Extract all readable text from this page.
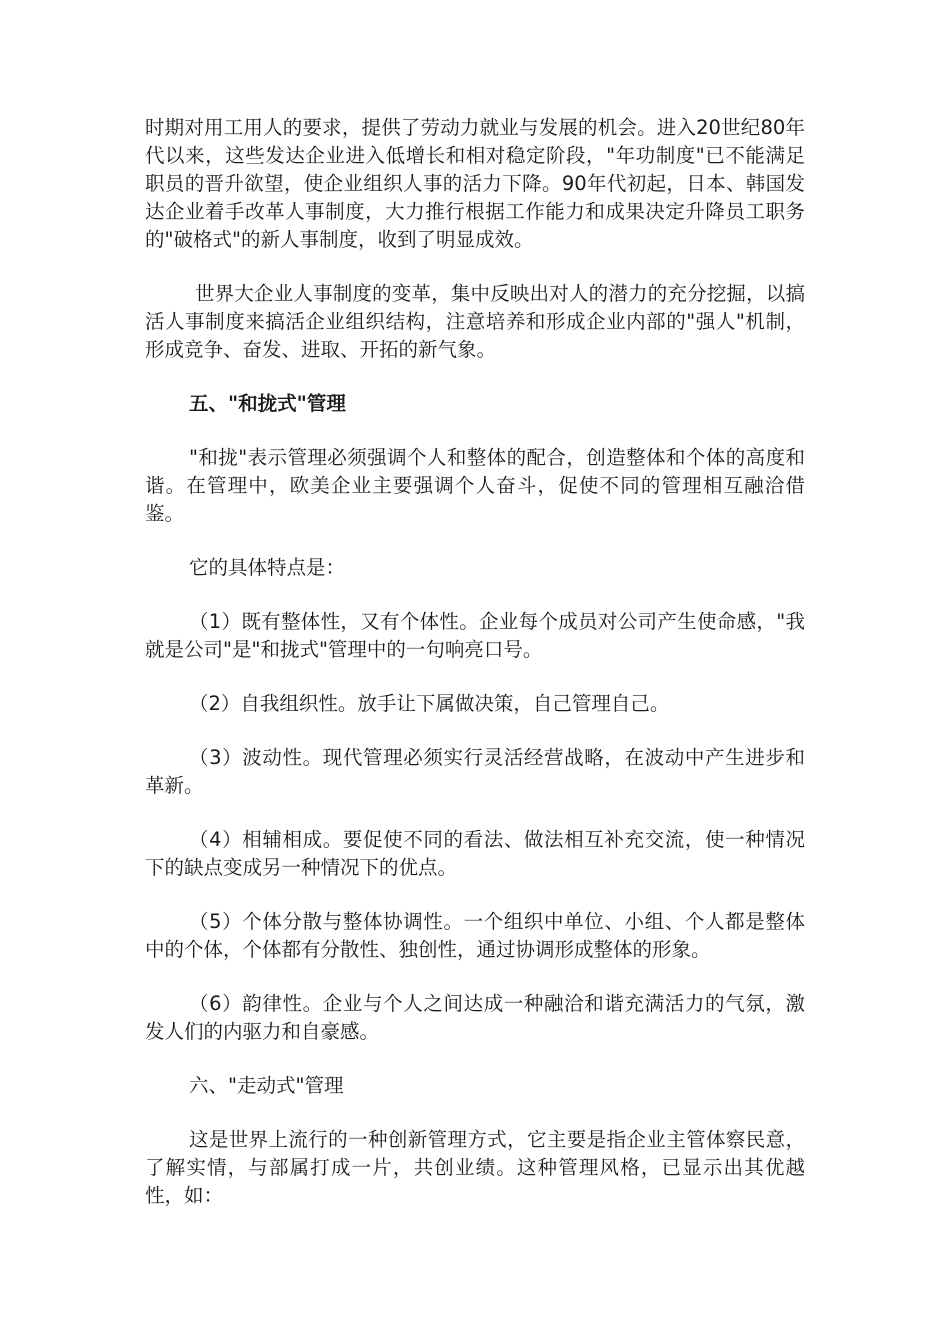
时期对用工用人的要求，提供了劳动力就业与发展的机会。进入20世纪80年代以来，这些发达企业进入低增长和相对稳定阶段，"年功制度"已不能满足职员的晋升欲望，使企业组织人事的活力下降。90年代初起，日本、韩国发达企业着手改革人事制度，大力推行根据工作能力和成果决定升降员工职务的"破格式"的新人事制度，收到了明显成效。

世界大企业人事制度的变革，集中反映出对人的潜力的充分挖掘，以搞活人事制度来搞活企业组织结构，注意培养和形成企业内部的"强人"机制，形成竞争、奋发、进取、开拓的新气象。

五、"和拢式"管理

"和拢"表示管理必须强调个人和整体的配合，创造整体和个体的高度和谐。在管理中，欧美企业主要强调个人奋斗，促使不同的管理相互融洽借鉴。

它的具体特点是：

（1）既有整体性，又有个体性。企业每个成员对公司产生使命感，"我就是公司"是"和拢式"管理中的一句响亮口号。

（2）自我组织性。放手让下属做决策，自己管理自己。

（3）波动性。现代管理必须实行灵活经营战略，在波动中产生进步和革新。

（4）相辅相成。要促使不同的看法、做法相互补充交流，使一种情况下的缺点变成另一种情况下的优点。

（5）个体分散与整体协调性。一个组织中单位、小组、个人都是整体中的个体，个体都有分散性、独创性，通过协调形成整体的形象。

（6）韵律性。企业与个人之间达成一种融洽和谐充满活力的气氛，激发人们的内驱力和自豪感。

六、"走动式"管理

这是世界上流行的一种创新管理方式，它主要是指企业主管体察民意，了解实情，与部属打成一片，共创业绩。这种管理风格，已显示出其优越性，如：
